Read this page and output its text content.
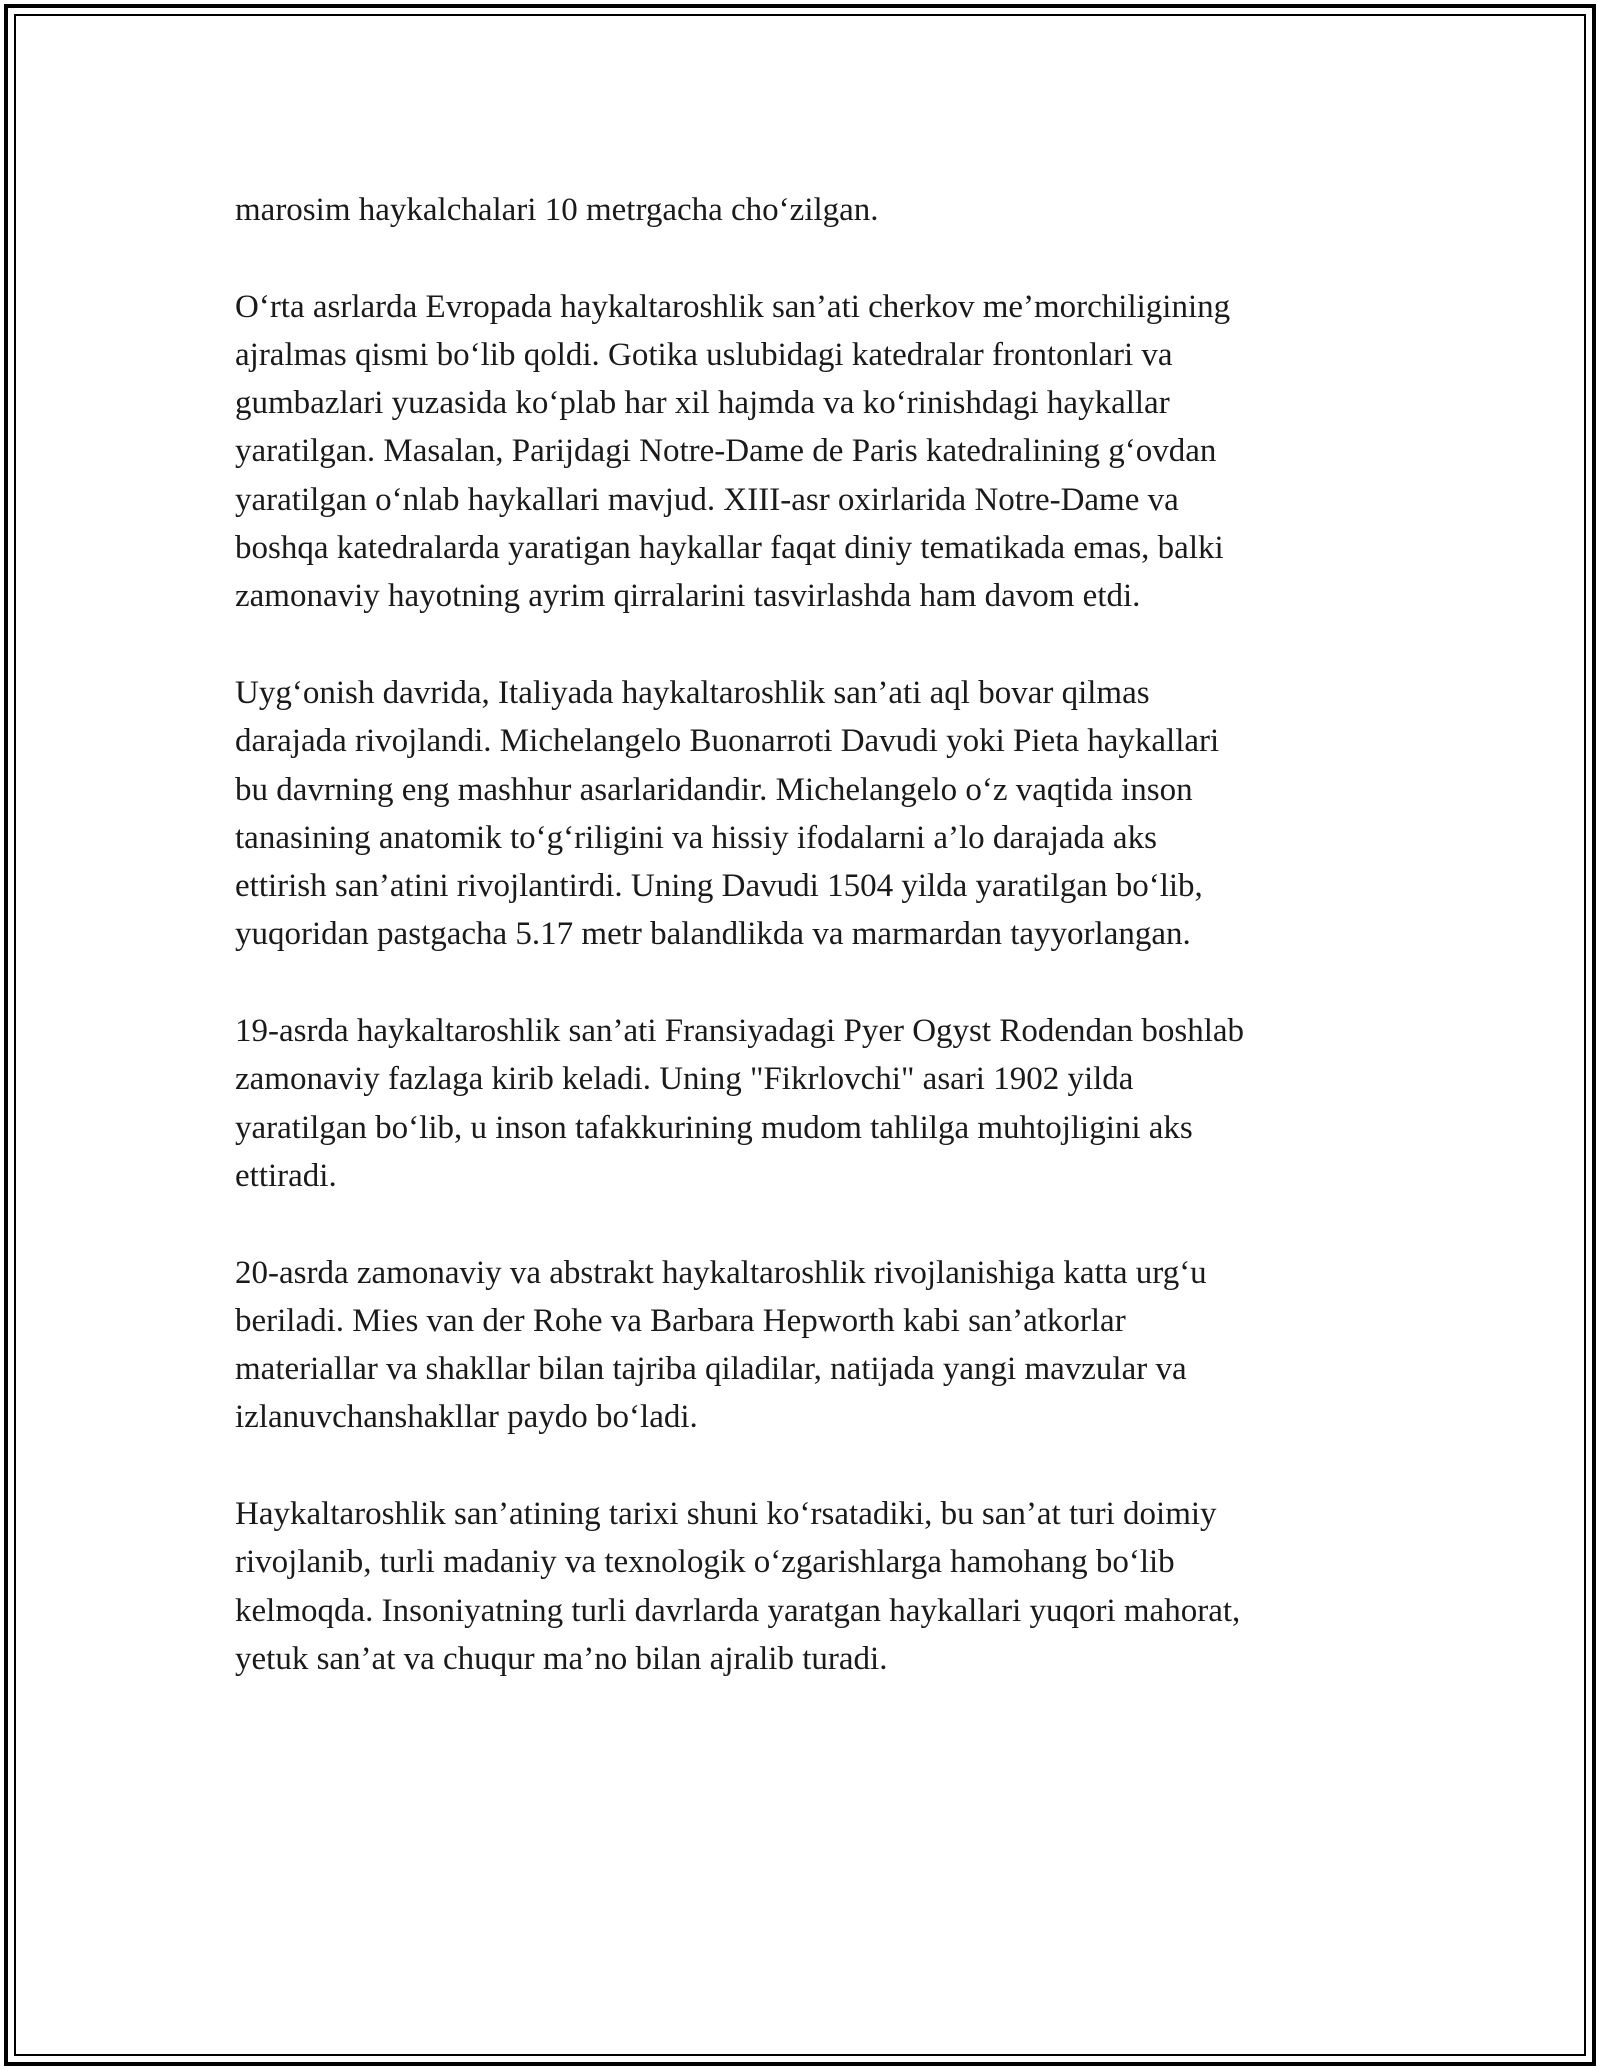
marosim haykalchalari 10 metrgacha cho‘zilgan.

O‘rta asrlarda Evropada haykaltaroshlik san’ati cherkov me’morchiligining
ajralmas qismi bo‘lib qoldi. Gotika uslubidagi katedralar frontonlari va
gumbazlari yuzasida ko‘plab har xil hajmda va ko‘rinishdagi haykallar
yaratilgan. Masalan, Parijdagi Notre-Dame de Paris katedralining g‘ovdan
yaratilgan o‘nlab haykallari mavjud. XIII-asr oxirlarida Notre-Dame va
boshqa katedralarda yaratigan haykallar faqat diniy tematikada emas, balki
zamonaviy hayotning ayrim qirralarini tasvirlashda ham davom etdi.

Uyg‘onish davrida, Italiyada haykaltaroshlik san’ati aql bovar qilmas
darajada rivojlandi. Michelangelo Buonarroti Davudi yoki Pieta haykallari
bu davrning eng mashhur asarlaridandir. Michelangelo o‘z vaqtida inson
tanasining anatomik to‘g‘riligini va hissiy ifodalarni a’lo darajada aks
ettirish san’atini rivojlantirdi. Uning Davudi 1504 yilda yaratilgan bo‘lib,
yuqoridan pastgacha 5.17 metr balandlikda va marmardan tayyorlangan.

19-asrda haykaltaroshlik san’ati Fransiyadagi Pyer Ogyst Rodendan boshlab
zamonaviy fazlaga kirib keladi. Uning "Fikrlovchi" asari 1902 yilda
yaratilgan bo‘lib, u inson tafakkurining mudom tahlilga muhtojligini aks
ettiradi.

20-asrda zamonaviy va abstrakt haykaltaroshlik rivojlanishiga katta urg‘u
beriladi. Mies van der Rohe va Barbara Hepworth kabi san’atkorlar
materiallar va shakllar bilan tajriba qiladilar, natijada yangi mavzular va
izlanuvchanshakllar paydo bo‘ladi.

Haykaltaroshlik san’atining tarixi shuni ko‘rsatadiki, bu san’at turi doimiy
rivojlanib, turli madaniy va texnologik o‘zgarishlarga hamohang bo‘lib
kelmoqda. Insoniyatning turli davrlarda yaratgan haykallari yuqori mahorat,
yetuk san’at va chuqur ma’no bilan ajralib turadi.
